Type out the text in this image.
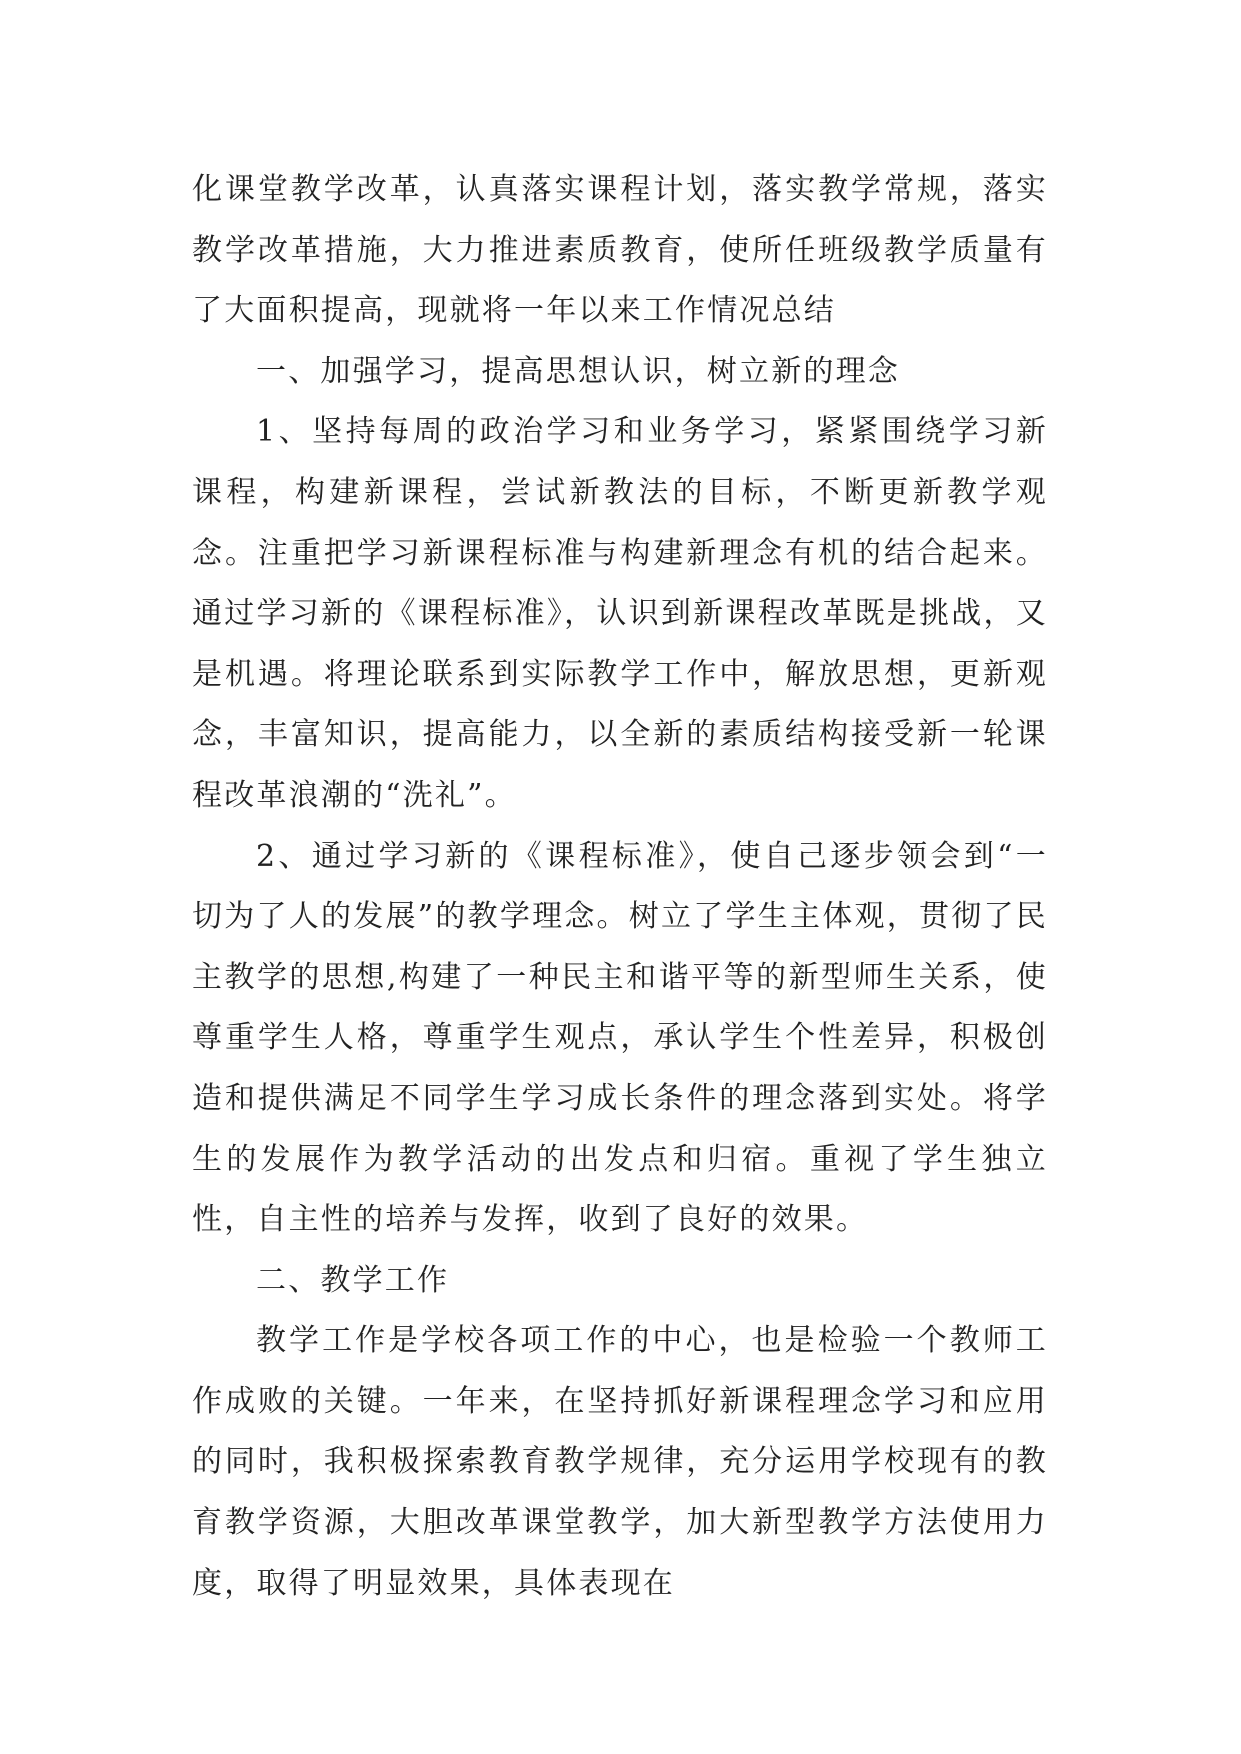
化课堂教学改革，认真落实课程计划，落实教学常规，落实教学改革措施，大力推进素质教育，使所任班级教学质量有了大面积提高，现就将一年以来工作情况总结

一、加强学习，提高思想认识，树立新的理念

1、坚持每周的政治学习和业务学习，紧紧围绕学习新课程，构建新课程，尝试新教法的目标，不断更新教学观念。注重把学习新课程标准与构建新理念有机的结合起来。通过学习新的《课程标准》，认识到新课程改革既是挑战，又是机遇。将理论联系到实际教学工作中，解放思想，更新观念，丰富知识，提高能力，以全新的素质结构接受新一轮课程改革浪潮的“洗礼”。

2、通过学习新的《课程标准》，使自己逐步领会到“一切为了人的发展”的教学理念。树立了学生主体观，贯彻了民主教学的思想,构建了一种民主和谐平等的新型师生关系，使尊重学生人格，尊重学生观点，承认学生个性差异，积极创造和提供满足不同学生学习成长条件的理念落到实处。将学生的发展作为教学活动的出发点和归宿。重视了学生独立性，自主性的培养与发挥，收到了良好的效果。

二、教学工作

教学工作是学校各项工作的中心，也是检验一个教师工作成败的关键。一年来，在坚持抓好新课程理念学习和应用的同时，我积极探索教育教学规律，充分运用学校现有的教育教学资源，大胆改革课堂教学，加大新型教学方法使用力度，取得了明显效果，具体表现在
